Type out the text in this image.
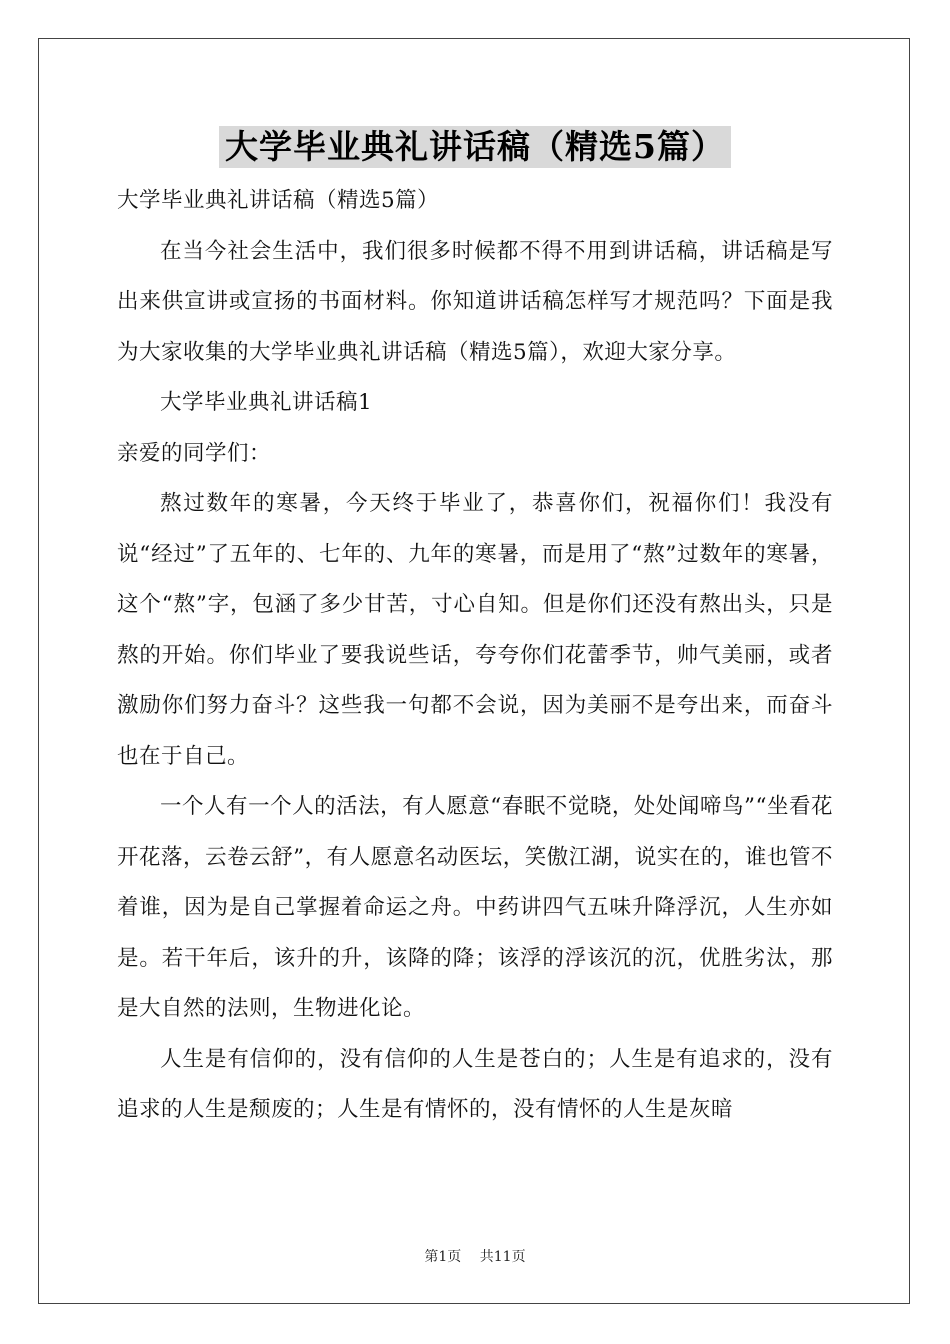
大学毕业典礼讲话稿（精选5篇）

大学毕业典礼讲话稿（精选5篇）

在当今社会生活中，我们很多时候都不得不用到讲话稿，讲话稿是写出来供宣讲或宣扬的书面材料。你知道讲话稿怎样写才规范吗？下面是我为大家收集的大学毕业典礼讲话稿（精选5篇），欢迎大家分享。

大学毕业典礼讲话稿1

亲爱的同学们：

熬过数年的寒暑，今天终于毕业了，恭喜你们，祝福你们！我没有说“经过”了五年的、七年的、九年的寒暑，而是用了“熬”过数年的寒暑，这个“熬”字，包涵了多少甘苦，寸心自知。但是你们还没有熬出头，只是熬的开始。你们毕业了要我说些话，夸夸你们花蕾季节，帅气美丽，或者激励你们努力奋斗？这些我一句都不会说，因为美丽不是夸出来，而奋斗也在于自己。

一个人有一个人的活法，有人愿意“春眠不觉晓，处处闻啼鸟”“坐看花开花落，云卷云舒”，有人愿意名动医坛，笑傲江湖，说实在的，谁也管不着谁，因为是自己掌握着命运之舟。中药讲四气五味升降浮沉，人生亦如是。若干年后，该升的升，该降的降；该浮的浮该沉的沉，优胜劣汰，那是大自然的法则，生物进化论。

人生是有信仰的，没有信仰的人生是苍白的；人生是有追求的，没有追求的人生是颓废的；人生是有情怀的，没有情怀的人生是灰暗

第1页 共11页
